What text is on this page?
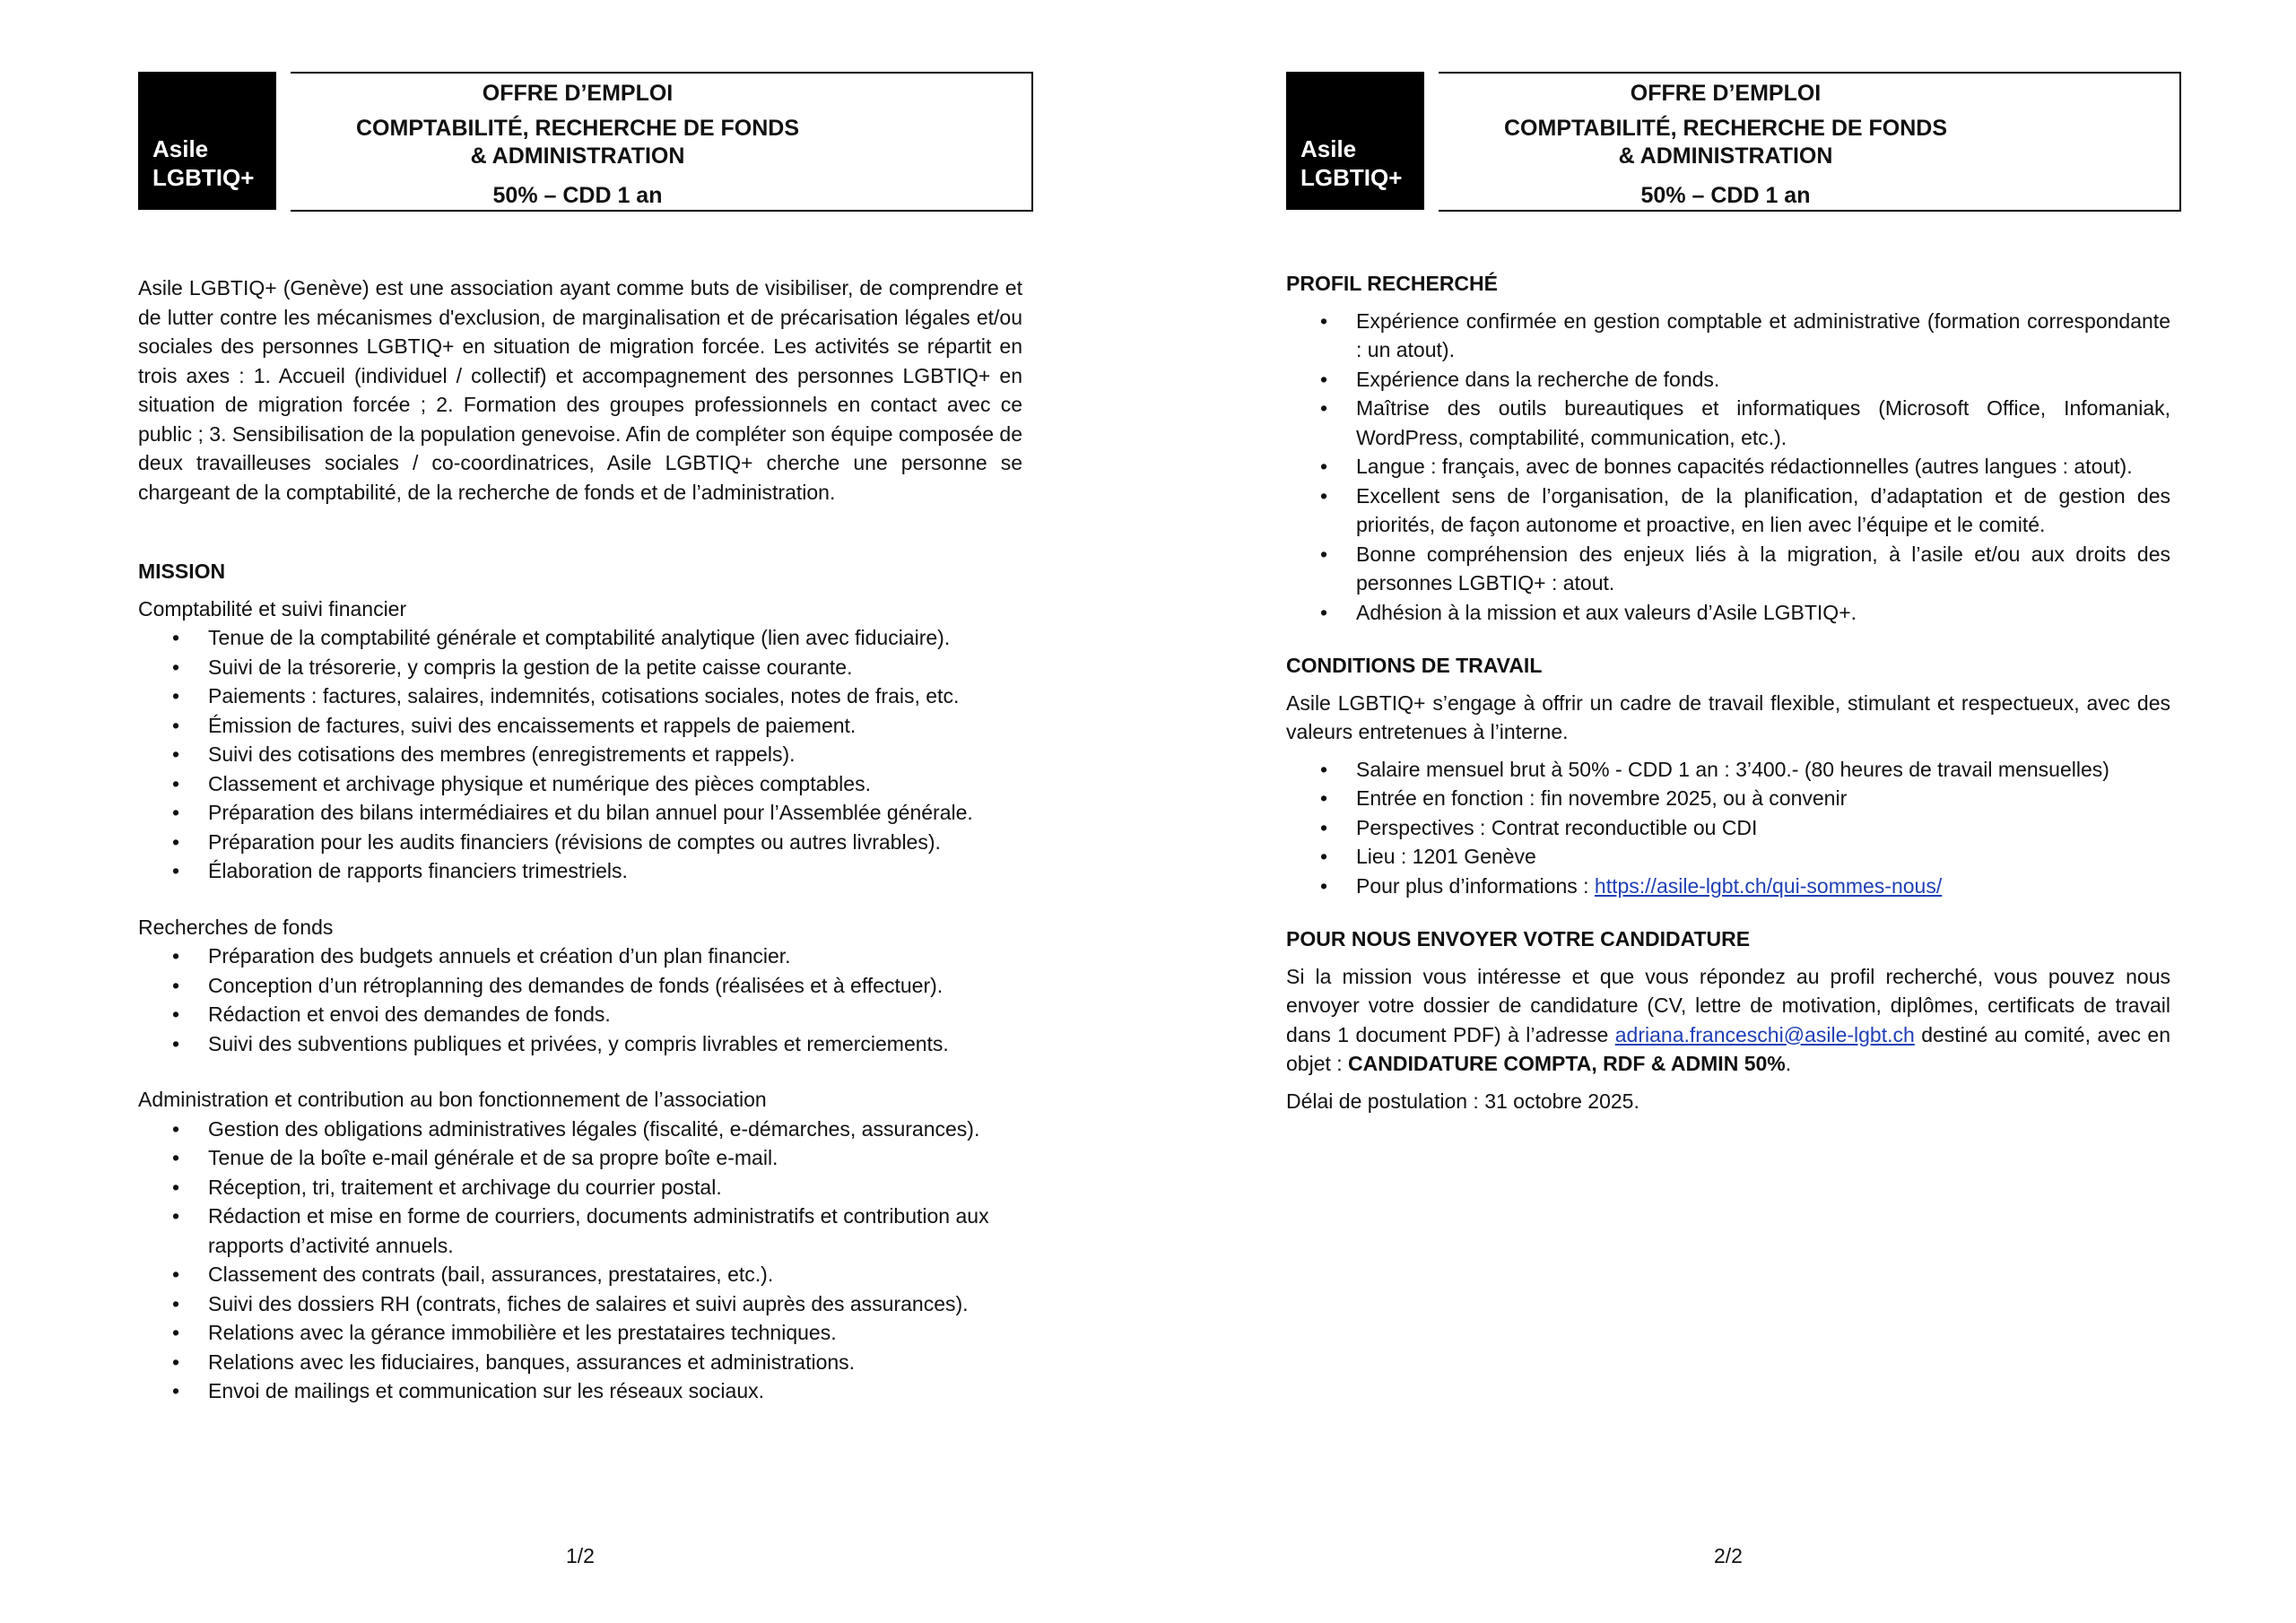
Asile
LGBTIQ+
OFFRE D’EMPLOI
COMPTABILITÉ, RECHERCHE DE FONDS
& ADMINISTRATION
50% – CDD 1 an

Asile LGBTIQ+ (Genève) est une association ayant comme buts de visibiliser, de comprendre et de lutter contre les mécanismes d'exclusion, de marginalisation et de précarisation légales et/ou sociales des personnes LGBTIQ+ en situation de migration forcée. Les activités se répartit en trois axes : 1. Accueil (individuel / collectif) et accompagnement des personnes LGBTIQ+ en situation de migration forcée ; 2. Formation des groupes professionnels en contact avec ce public ; 3. Sensibilisation de la population genevoise. Afin de compléter son équipe composée de deux travailleuses sociales / co-coordinatrices, Asile LGBTIQ+ cherche une personne se chargeant de la comptabilité, de la recherche de fonds et de l’administration.

MISSION

Comptabilité et suivi financier

• Tenue de la comptabilité générale et comptabilité analytique (lien avec fiduciaire).
• Suivi de la trésorerie, y compris la gestion de la petite caisse courante.
• Paiements : factures, salaires, indemnités, cotisations sociales, notes de frais, etc.
• Émission de factures, suivi des encaissements et rappels de paiement.
• Suivi des cotisations des membres (enregistrements et rappels).
• Classement et archivage physique et numérique des pièces comptables.
• Préparation des bilans intermédiaires et du bilan annuel pour l’Assemblée générale.
• Préparation pour les audits financiers (révisions de comptes ou autres livrables).
• Élaboration de rapports financiers trimestriels.

Recherches de fonds

• Préparation des budgets annuels et création d’un plan financier.
• Conception d’un rétroplanning des demandes de fonds (réalisées et à effectuer).
• Rédaction et envoi des demandes de fonds.
• Suivi des subventions publiques et privées, y compris livrables et remerciements.

Administration et contribution au bon fonctionnement de l’association

• Gestion des obligations administratives légales (fiscalité, e-démarches, assurances).
• Tenue de la boîte e-mail générale et de sa propre boîte e-mail.
• Réception, tri, traitement et archivage du courrier postal.
• Rédaction et mise en forme de courriers, documents administratifs et contribution aux rapports d’activité annuels.
• Classement des contrats (bail, assurances, prestataires, etc.).
• Suivi des dossiers RH (contrats, fiches de salaires et suivi auprès des assurances).
• Relations avec la gérance immobilière et les prestataires techniques.
• Relations avec les fiduciaires, banques, assurances et administrations.
• Envoi de mailings et communication sur les réseaux sociaux.
1/2
Asile
LGBTIQ+
OFFRE D’EMPLOI
COMPTABILITÉ, RECHERCHE DE FONDS
& ADMINISTRATION
50% – CDD 1 an

PROFIL RECHERCHÉ

• Expérience confirmée en gestion comptable et administrative (formation correspondante : un atout).
• Expérience dans la recherche de fonds.
• Maîtrise des outils bureautiques et informatiques (Microsoft Office, Infomaniak, WordPress, comptabilité, communication, etc.).
• Langue : français, avec de bonnes capacités rédactionnelles (autres langues : atout).
• Excellent sens de l’organisation, de la planification, d’adaptation et de gestion des priorités, de façon autonome et proactive, en lien avec l’équipe et le comité.
• Bonne compréhension des enjeux liés à la migration, à l’asile et/ou aux droits des personnes LGBTIQ+ : atout.
• Adhésion à la mission et aux valeurs d’Asile LGBTIQ+.

CONDITIONS DE TRAVAIL

Asile LGBTIQ+ s’engage à offrir un cadre de travail flexible, stimulant et respectueux, avec des valeurs entretenues à l’interne.

• Salaire mensuel brut à 50% - CDD 1 an : 3’400.- (80 heures de travail mensuelles)
• Entrée en fonction : fin novembre 2025, ou à convenir
• Perspectives : Contrat reconductible ou CDI
• Lieu : 1201 Genève
• Pour plus d’informations : https://asile-lgbt.ch/qui-sommes-nous/

POUR NOUS ENVOYER VOTRE CANDIDATURE

Si la mission vous intéresse et que vous répondez au profil recherché, vous pouvez nous envoyer votre dossier de candidature (CV, lettre de motivation, diplômes, certificats de travail dans 1 document PDF) à l’adresse adriana.franceschi@asile-lgbt.ch destiné au comité, avec en objet : CANDIDATURE COMPTA, RDF & ADMIN 50%.

Délai de postulation : 31 octobre 2025.

2/2
